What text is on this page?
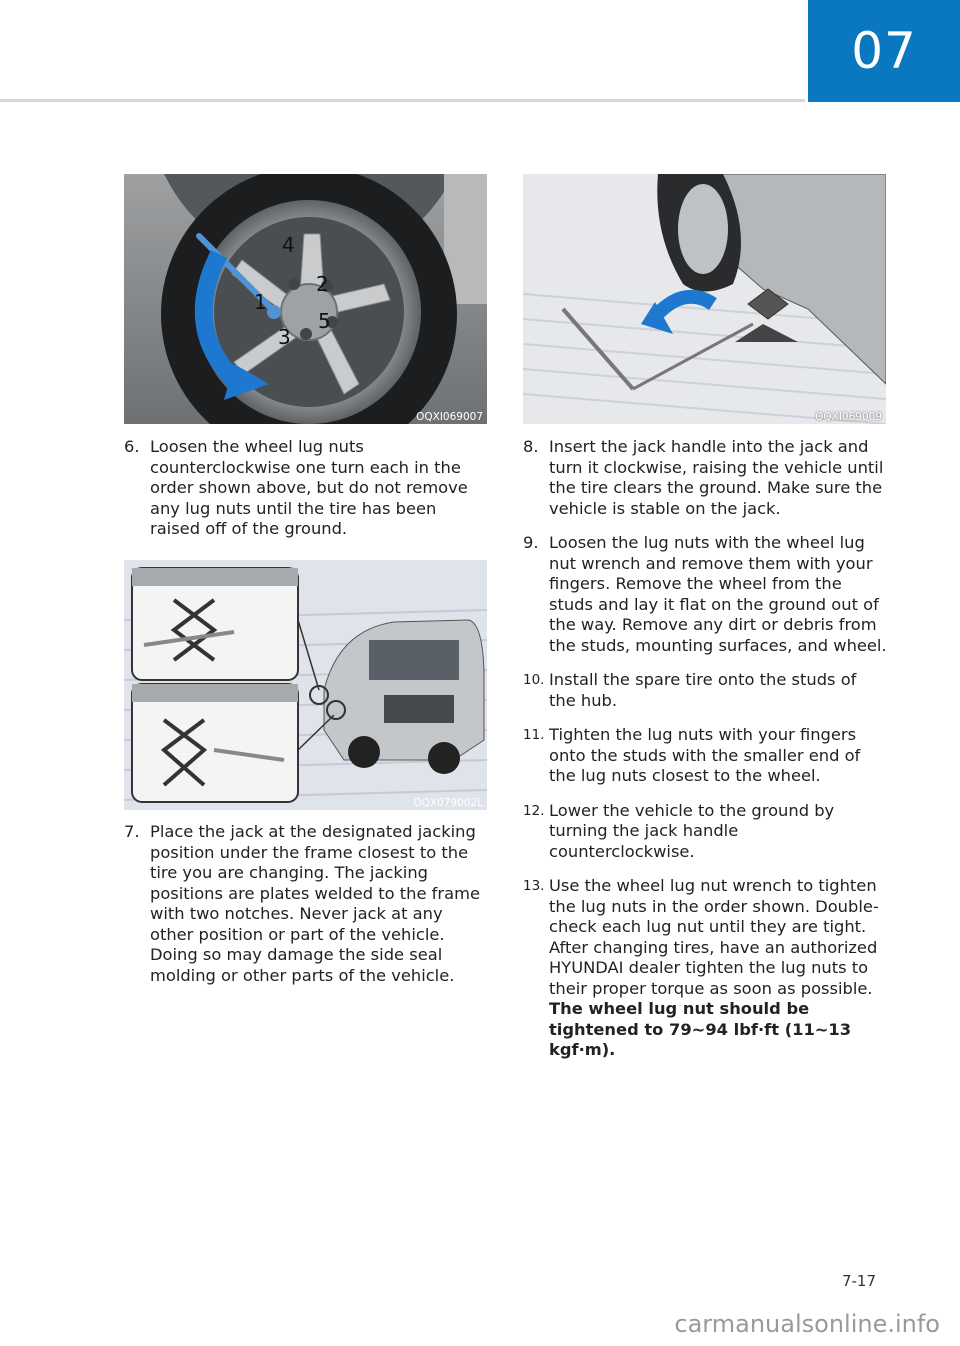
07
1
2
3
4
5
OQXI069007
OQX079002L
OQXI069009
6. Loosen the wheel lug nuts counterclockwise one turn each in the order shown above, but do not remove any lug nuts until the tire has been raised off of the ground.
7. Place the jack at the designated jacking position under the frame closest to the tire you are changing. The jacking positions are plates welded to the frame with two notches. Never jack at any other position or part of the vehicle. Doing so may damage the side seal molding or other parts of the vehicle.
8. Insert the jack handle into the jack and turn it clockwise, raising the vehicle until the tire clears the ground. Make sure the vehicle is stable on the jack.
9. Loosen the lug nuts with the wheel lug nut wrench and remove them with your fingers. Remove the wheel from the studs and lay it flat on the ground out of the way. Remove any dirt or debris from the studs, mounting surfaces, and wheel.
10. Install the spare tire onto the studs of the hub.
11. Tighten the lug nuts with your fingers onto the studs with the smaller end of the lug nuts closest to the wheel.
12. Lower the vehicle to the ground by turning the jack handle counterclockwise.
13. Use the wheel lug nut wrench to tighten the lug nuts in the order shown. Double-check each lug nut until they are tight. After changing tires, have an authorized HYUNDAI dealer tighten the lug nuts to their proper torque as soon as possible. The wheel lug nut should be tightened to 79~94 lbf·ft (11~13 kgf·m).
7-17
carmanualsonline.info
